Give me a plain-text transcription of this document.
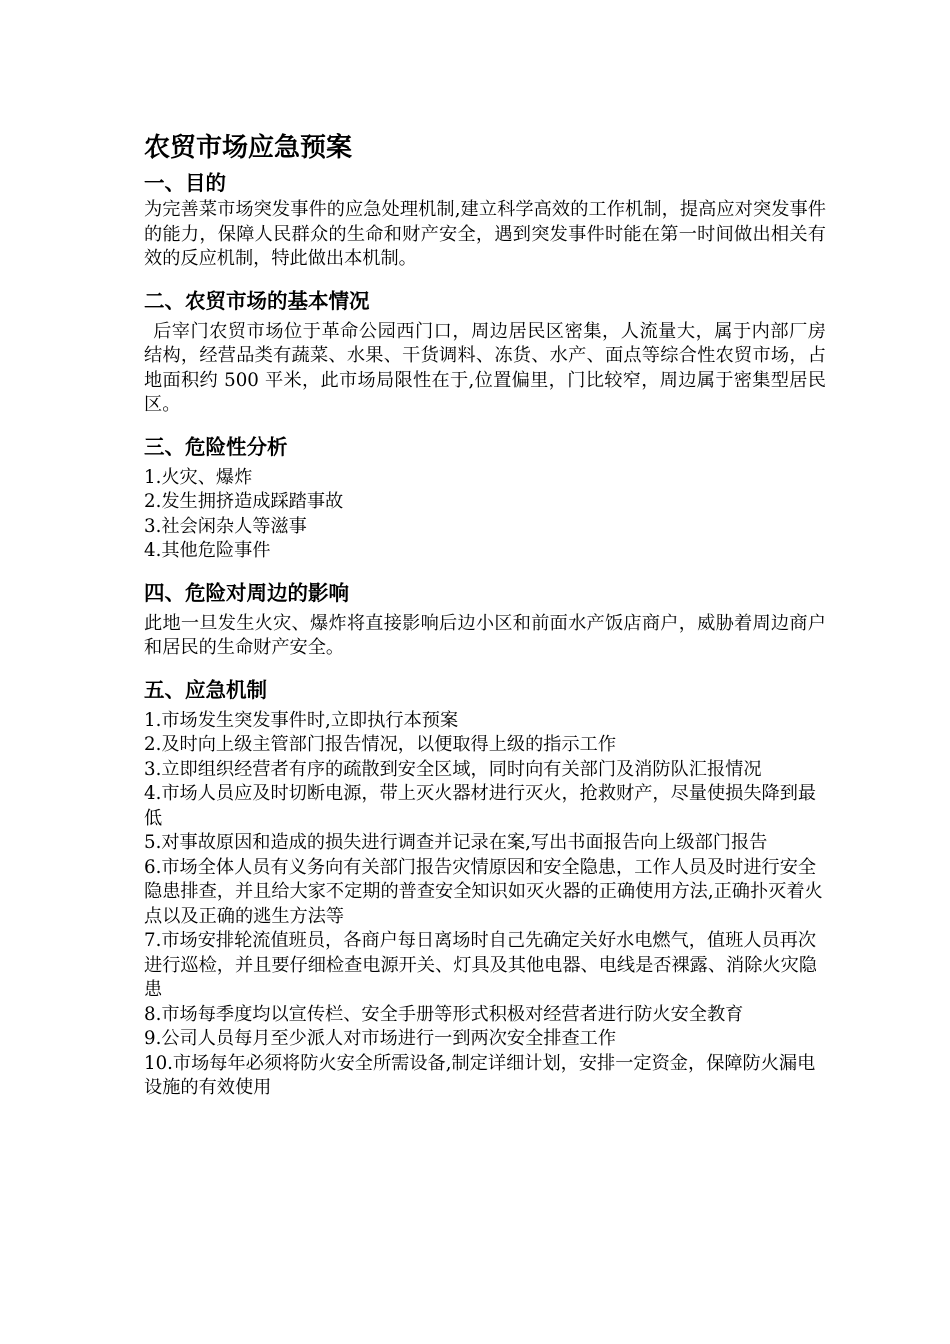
农贸市场应急预案
一、目的

为完善菜市场突发事件的应急处理机制,建立科学高效的工作机制，提高应对突发事件的能力，保障人民群众的生命和财产安全，遇到突发事件时能在第一时间做出相关有效的反应机制，特此做出本机制。

二、农贸市场的基本情况

后宰门农贸市场位于革命公园西门口，周边居民区密集，人流量大，属于内部厂房结构，经营品类有蔬菜、水果、干货调料、冻货、水产、面点等综合性农贸市场，占地面积约 500 平米，此市场局限性在于,位置偏里，门比较窄，周边属于密集型居民区。

三、危险性分析
1.火灾、爆炸
2.发生拥挤造成踩踏事故
3.社会闲杂人等滋事
4.其他危险事件
四、危险对周边的影响

此地一旦发生火灾、爆炸将直接影响后边小区和前面水产饭店商户，威胁着周边商户和居民的生命财产安全。

五、应急机制
1.市场发生突发事件时,立即执行本预案
2.及时向上级主管部门报告情况，以便取得上级的指示工作
3.立即组织经营者有序的疏散到安全区域，同时向有关部门及消防队汇报情况
4.市场人员应及时切断电源，带上灭火器材进行灭火，抢救财产，尽量使损失降到最低
5.对事故原因和造成的损失进行调查并记录在案,写出书面报告向上级部门报告
6.市场全体人员有义务向有关部门报告灾情原因和安全隐患，工作人员及时进行安全隐患排查，并且给大家不定期的普查安全知识如灭火器的正确使用方法,正确扑灭着火点以及正确的逃生方法等
7.市场安排轮流值班员，各商户每日离场时自己先确定关好水电燃气，值班人员再次进行巡检，并且要仔细检查电源开关、灯具及其他电器、电线是否裸露、消除火灾隐患
8.市场每季度均以宣传栏、安全手册等形式积极对经营者进行防火安全教育
9.公司人员每月至少派人对市场进行一到两次安全排查工作
10.市场每年必须将防火安全所需设备,制定详细计划，安排一定资金，保障防火漏电设施的有效使用
